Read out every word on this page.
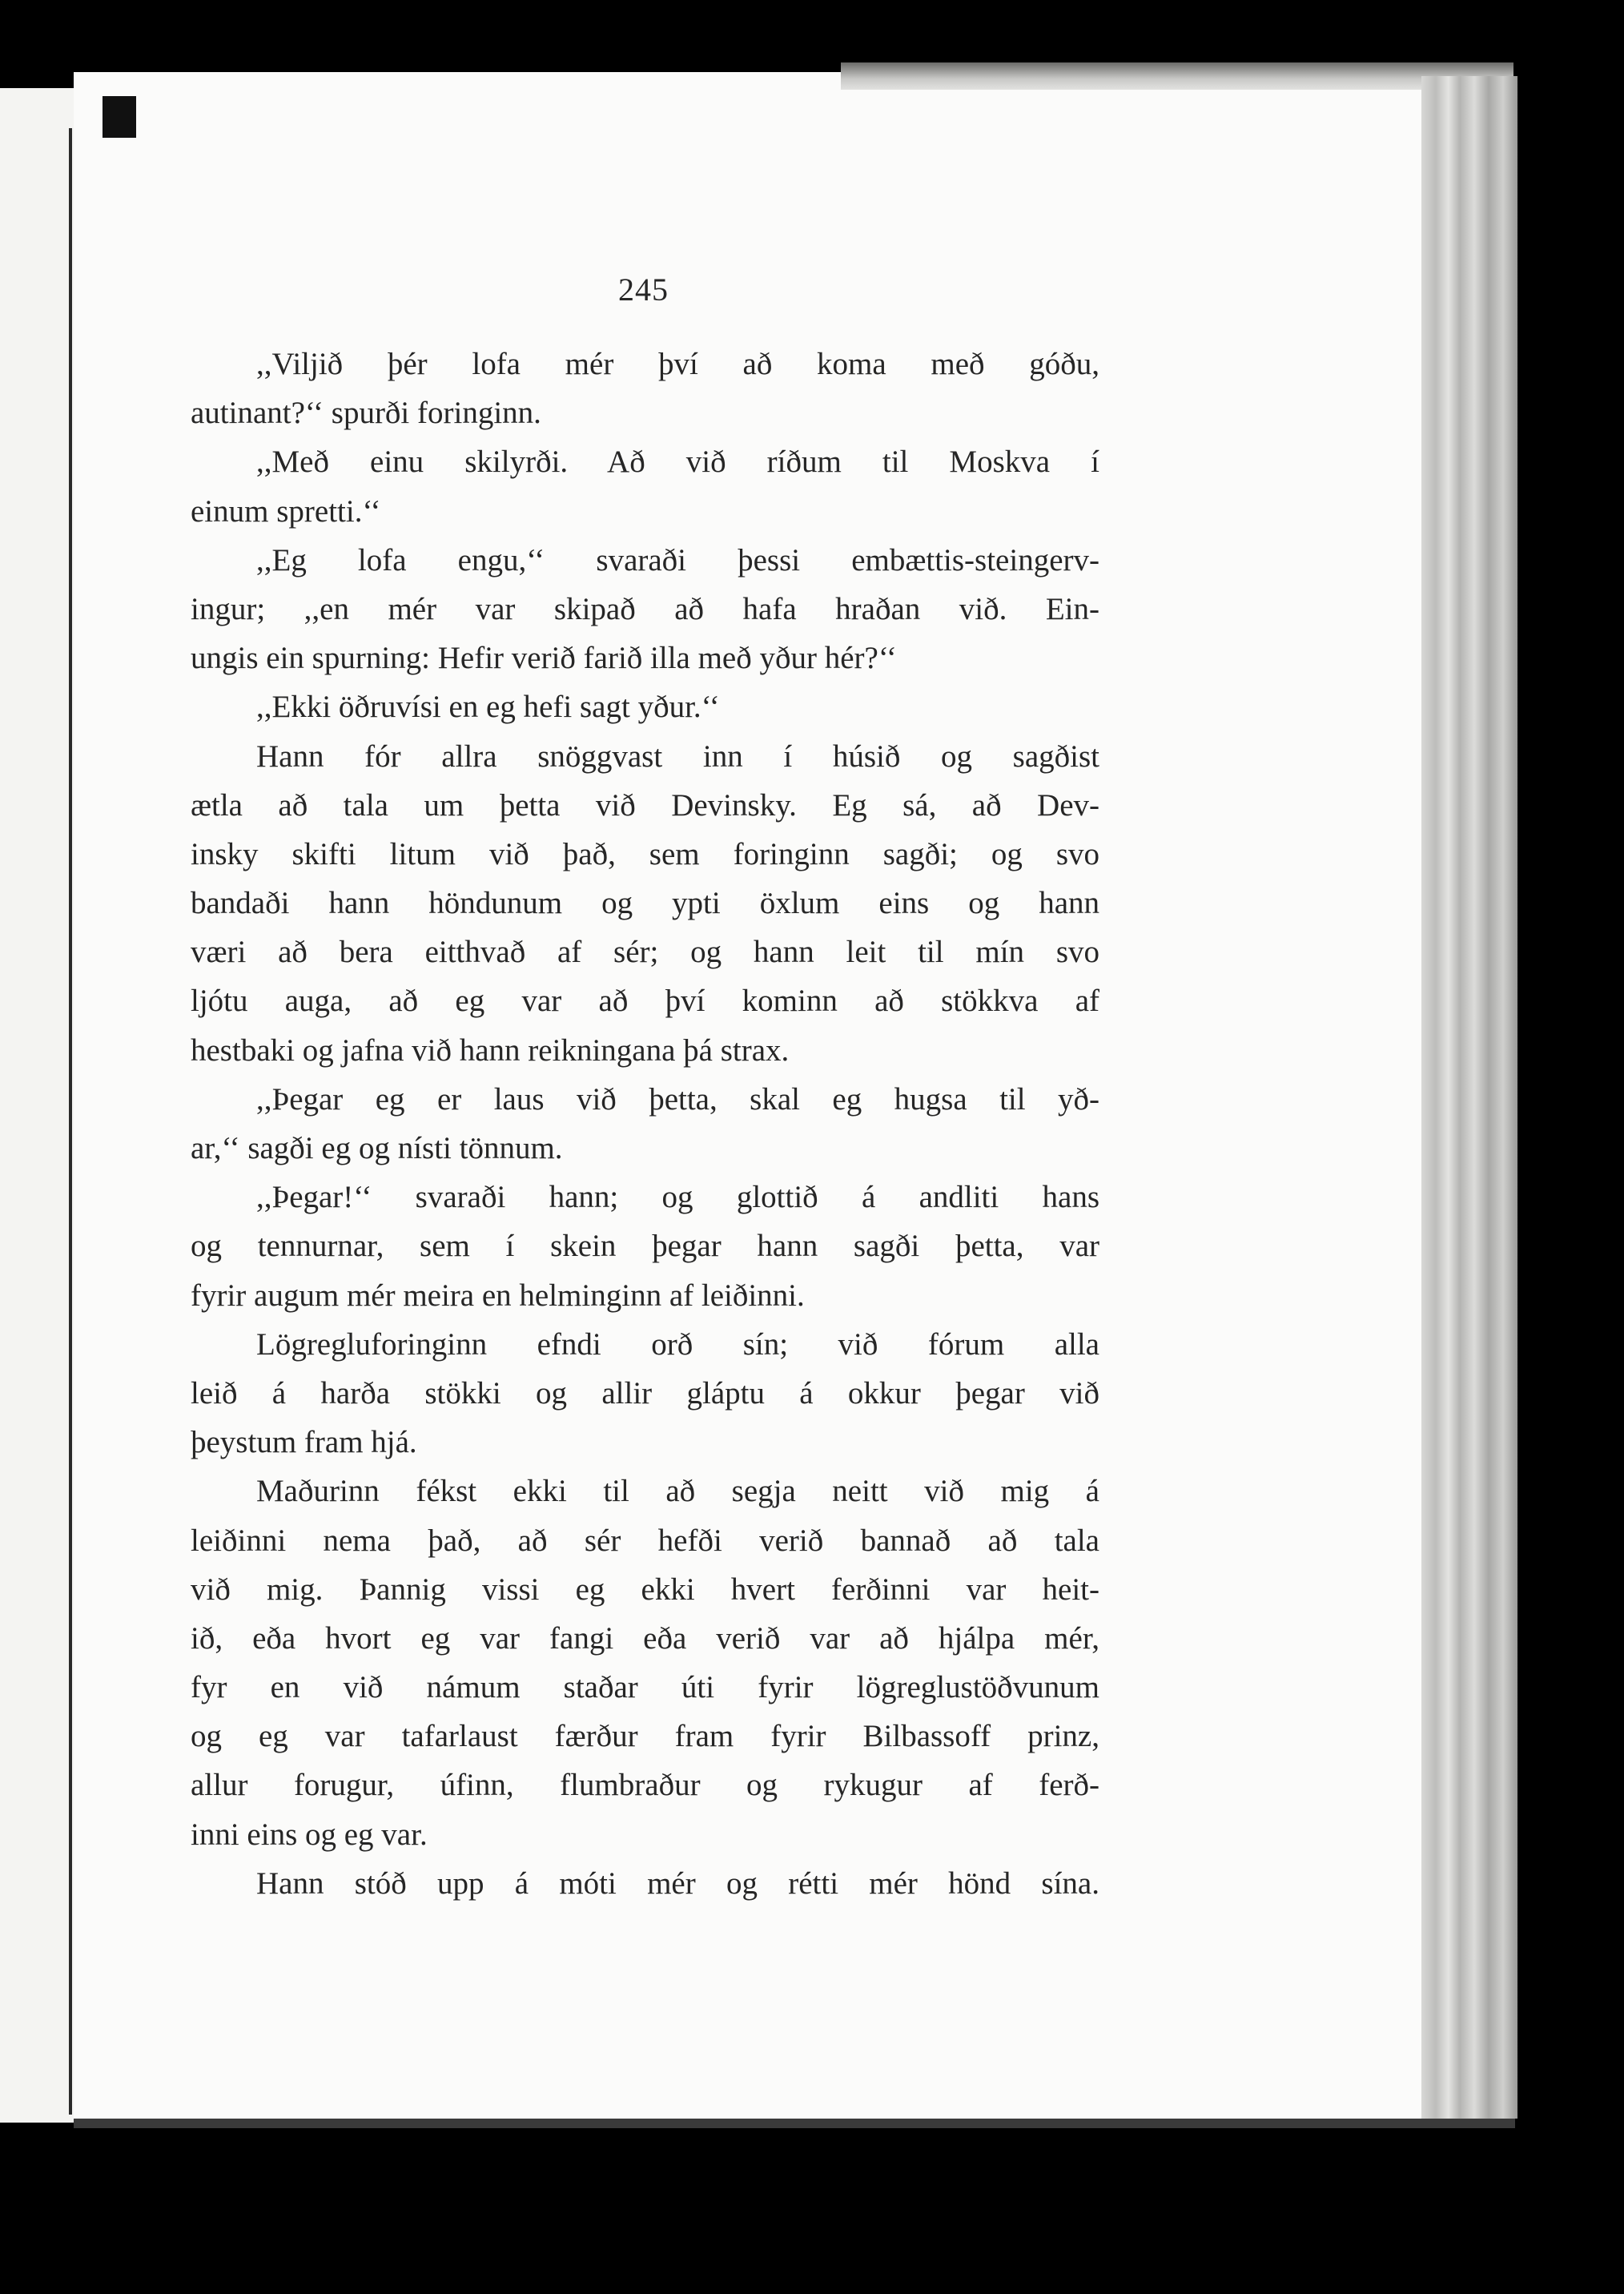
245
,,Viljið þér lofa mér því að koma með góðu,
autinant?‘‘ spurði foringinn.
,,Með einu skilyrði. Að við ríðum til Moskva í
einum spretti.‘‘
,,Eg lofa engu,‘‘ svaraði þessi embættis-steingerv-
ingur; ,,en mér var skipað að hafa hraðan við. Ein-
ungis ein spurning: Hefir verið farið illa með yður hér?‘‘
,,Ekki öðruvísi en eg hefi sagt yður.‘‘
Hann fór allra snöggvast inn í húsið og sagðist
ætla að tala um þetta við Devinsky. Eg sá, að Dev-
insky skifti litum við það, sem foringinn sagði; og svo
bandaði hann höndunum og ypti öxlum eins og hann
væri að bera eitthvað af sér; og hann leit til mín svo
ljótu auga, að eg var að því kominn að stökkva af
hestbaki og jafna við hann reikningana þá strax.
,,Þegar eg er laus við þetta, skal eg hugsa til yð-
ar,‘‘ sagði eg og nísti tönnum.
,,Þegar!‘‘ svaraði hann; og glottið á andliti hans
og tennurnar, sem í skein þegar hann sagði þetta, var
fyrir augum mér meira en helminginn af leiðinni.
Lögregluforinginn efndi orð sín; við fórum alla
leið á harða stökki og allir gláptu á okkur þegar við
þeystum fram hjá.
Maðurinn fékst ekki til að segja neitt við mig á
leiðinni nema það, að sér hefði verið bannað að tala
við mig. Þannig vissi eg ekki hvert ferðinni var heit-
ið, eða hvort eg var fangi eða verið var að hjálpa mér,
fyr en við námum staðar úti fyrir lögreglustöðvunum
og eg var tafarlaust færður fram fyrir Bilbassoff prinz,
allur forugur, úfinn, flumbraður og rykugur af ferð-
inni eins og eg var.
Hann stóð upp á móti mér og rétti mér hönd sína.
